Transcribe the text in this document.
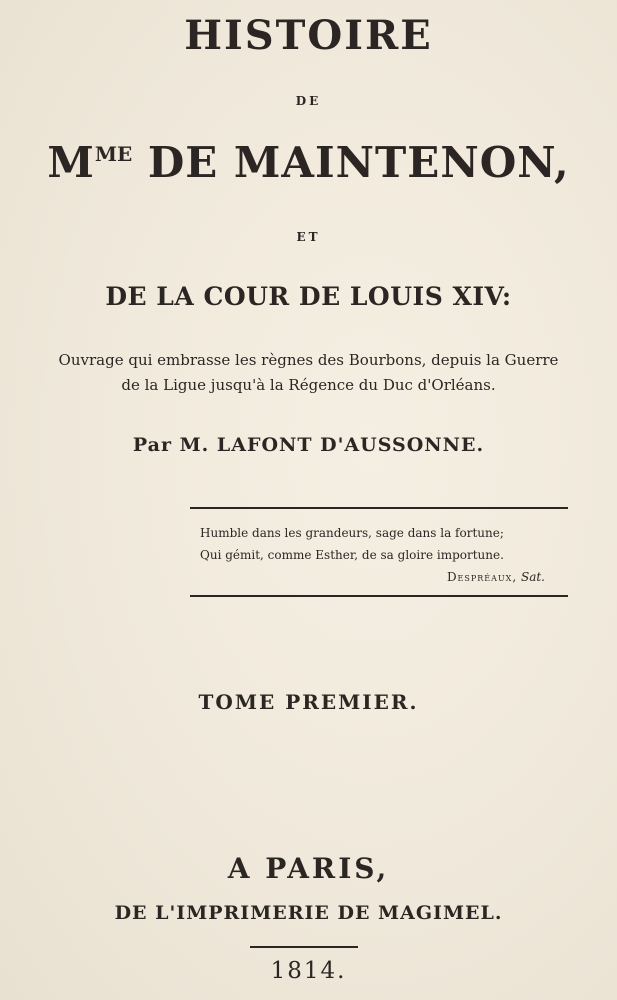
HISTOIRE
DE
$M^{ME}$ DE MAINTENON,
ET
DE LA COUR DE LOUIS XIV:
Ouvrage qui embrasse les règnes des Bourbons, depuis la Guerre
de la Ligue jusqu'à la Régence du Duc d'Orléans.
Par M. LAFONT D'AUSSONNE.
Humble dans les grandeurs, sage dans la fortune;
Qui gémit, comme Esther, de sa gloire importune.
Despréaux, Sat.
TOME PREMIER.
A PARIS,
DE L'IMPRIMERIE DE MAGIMEL.
1814.
